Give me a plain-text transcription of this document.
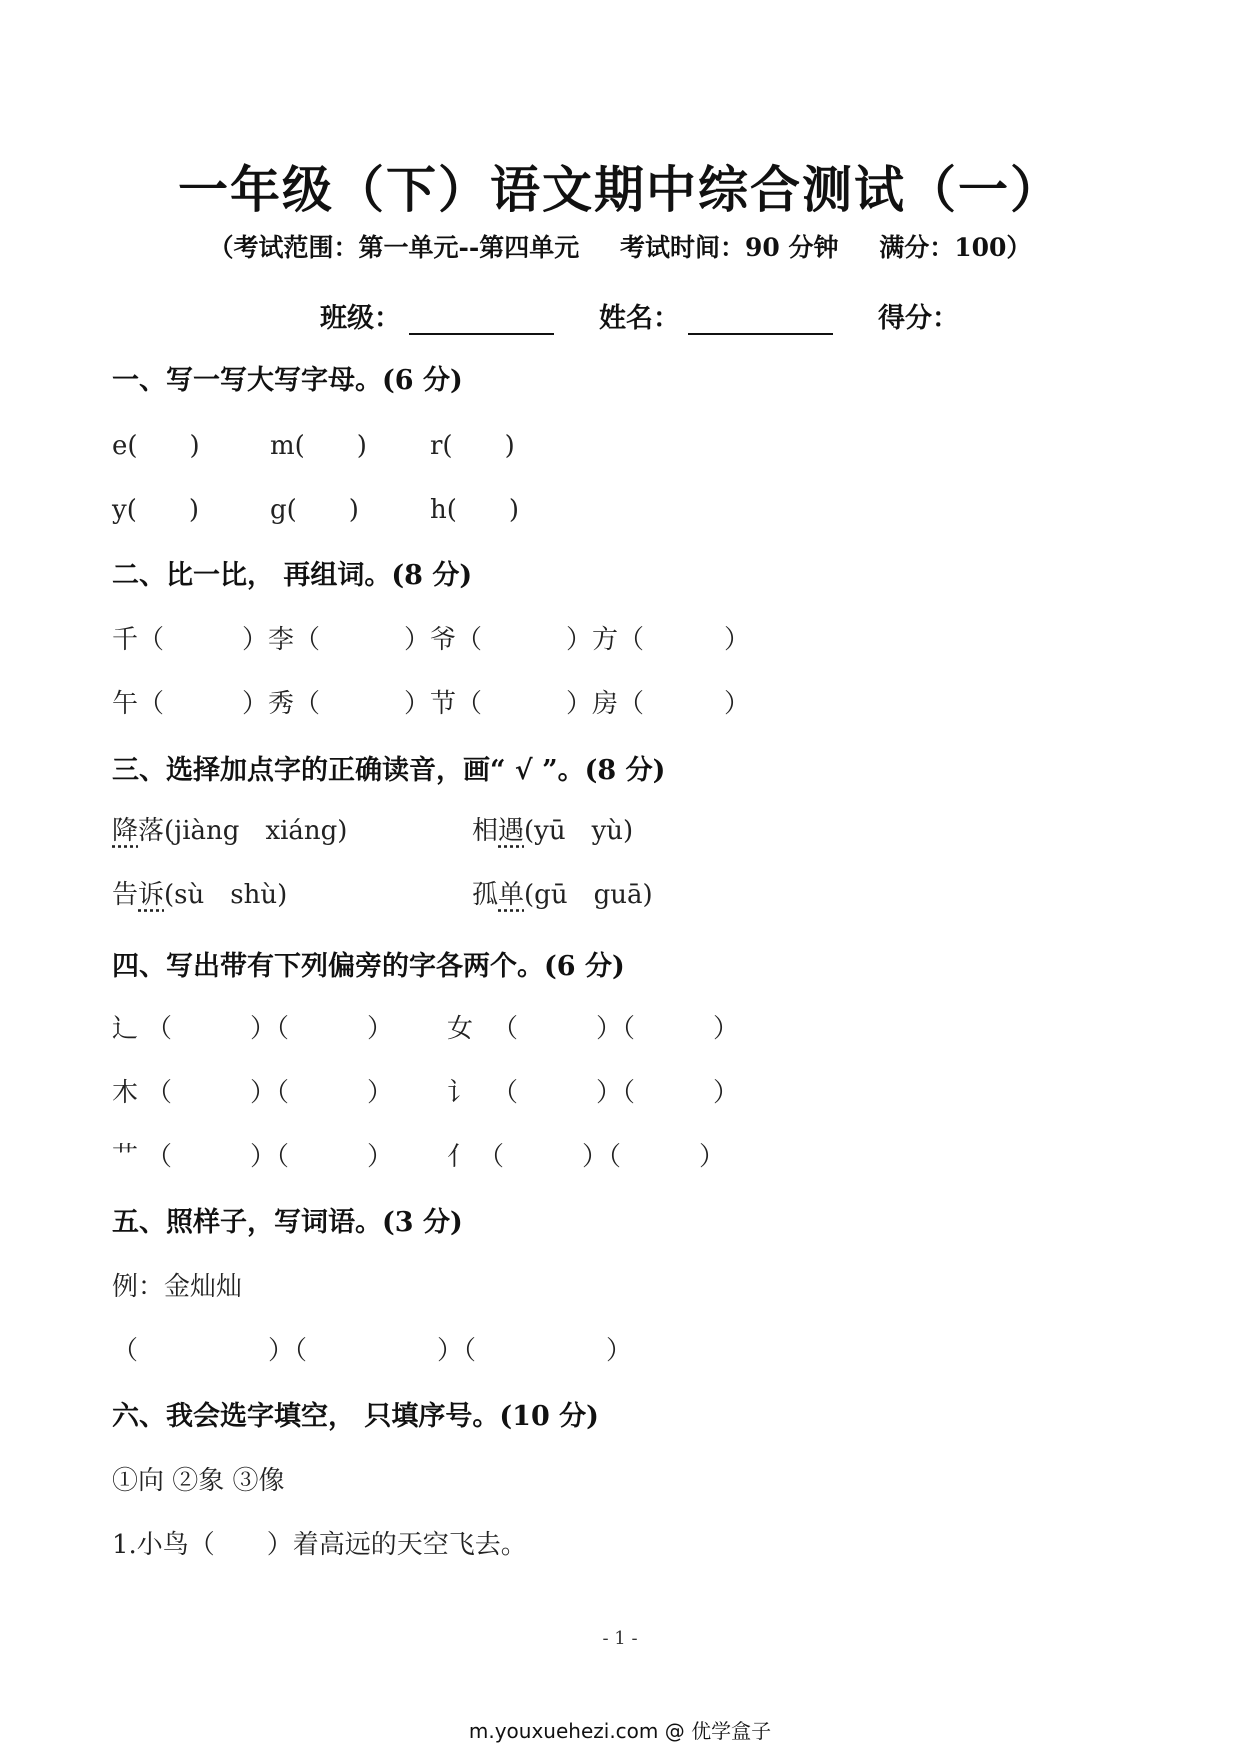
一年级（下）语文期中综合测试（一）
（考试范围：第一单元--第四单元 考试时间：90 分钟 满分：100）
班级：	姓名：	得分：
一、写一写大写字母。(6 分)
e(　　)	m(　　) r(　　)
y(　　)	g(　　)	h(　　)
二、比一比， 再组词。(8 分)
千（	）李（	）爷（	）方（	）
午（	）秀（	）节（	）房（	）
三、选择加点字的正确读音，画“ √ ”。(8 分)
降落(jiàng　xiáng)	相遇(yū　yù)
告诉(sù　shù)	孤单(gū　guā)
四、写出带有下列偏旁的字各两个。(6 分)
辶 （　　　）（　　　） 女 （　　　）（　　　）
木 （　　　）（　　　） 讠 （　　　）（　　　）
艹 （　　　）（　　　） 亻 （　　　）（　　　）
五、照样子，写词语。(3 分)
例：金灿灿
（　　　　　）（　　　　　）（　　　　　）
六、我会选字填空， 只填序号。(10 分)
①向 ②象 ③像
1.小鸟（　　）着高远的天空飞去。
- 1 -
m.youxuehezi.com @ 优学盒子
